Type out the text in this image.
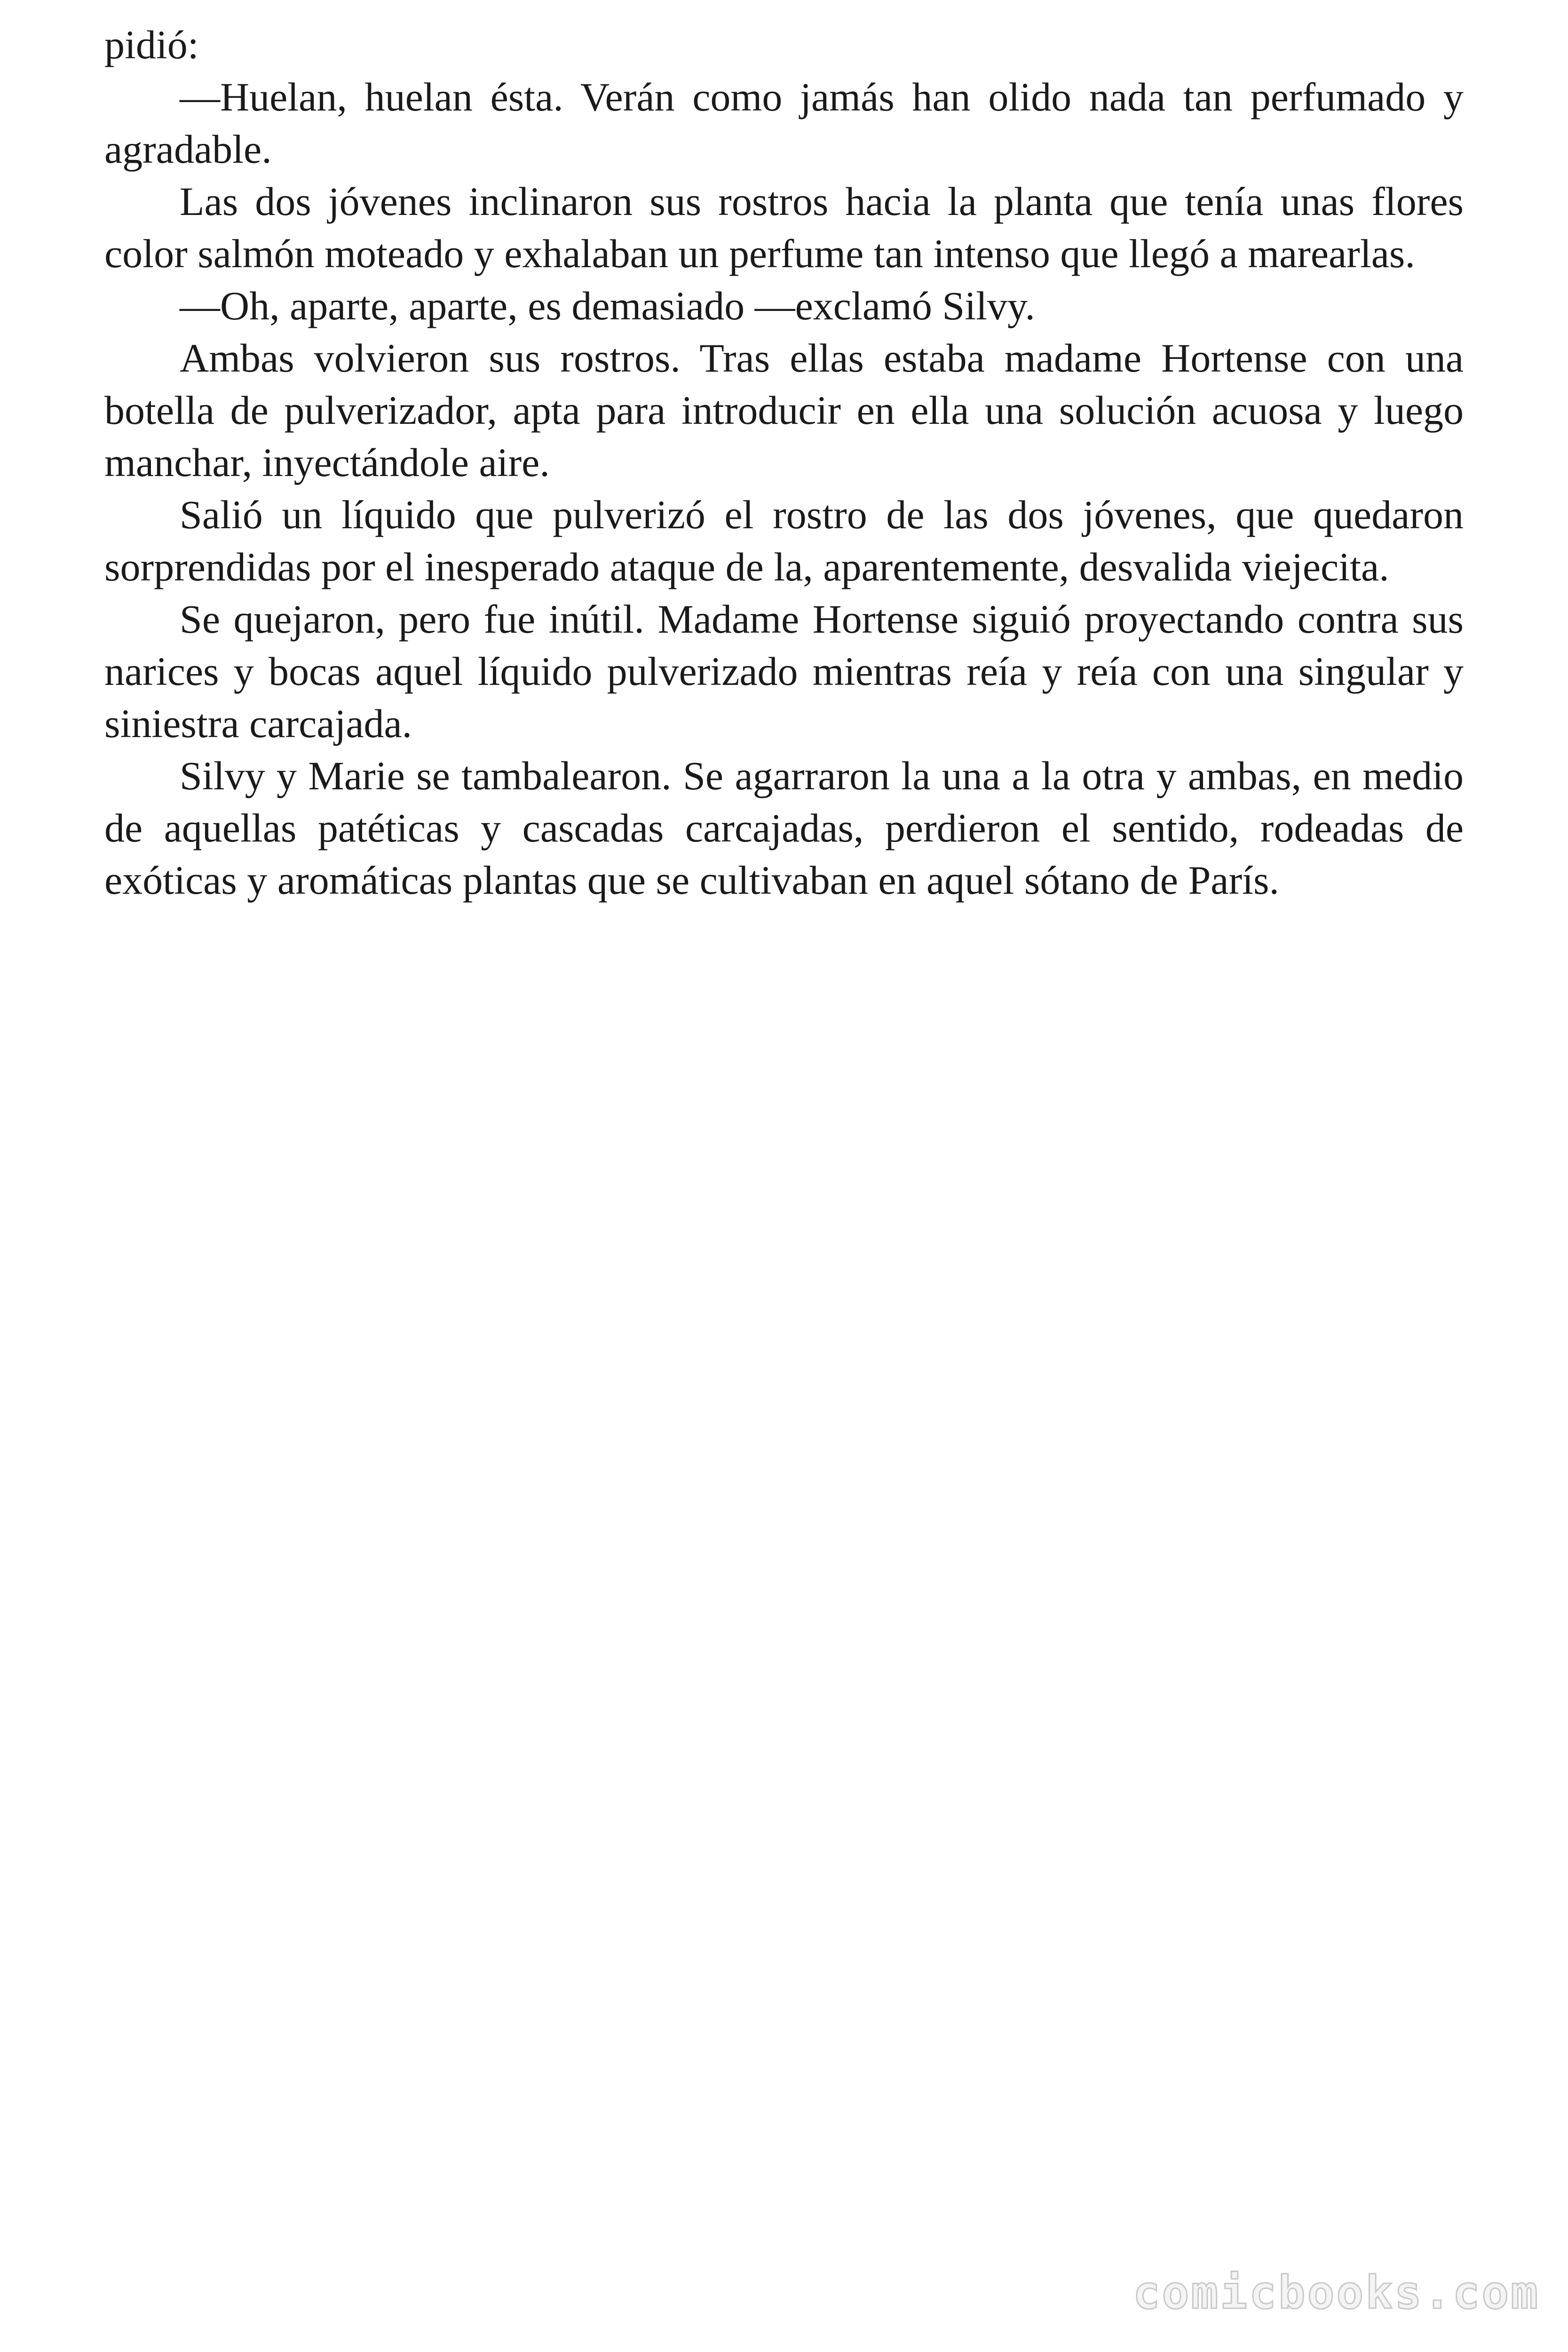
pidió:

—Huelan, huelan ésta. Verán como jamás han olido nada tan perfumado y agradable.

Las dos jóvenes inclinaron sus rostros hacia la planta que tenía unas flores color salmón moteado y exhalaban un perfume tan intenso que llegó a marearlas.

—Oh, aparte, aparte, es demasiado —exclamó Silvy.

Ambas volvieron sus rostros. Tras ellas estaba madame Hortense con una botella de pulverizador, apta para introducir en ella una solución acuosa y luego manchar, inyectándole aire.

Salió un líquido que pulverizó el rostro de las dos jóvenes, que quedaron sorprendidas por el inesperado ataque de la, aparentemente, desvalida viejecita.

Se quejaron, pero fue inútil. Madame Hortense siguió proyectando contra sus narices y bocas aquel líquido pulverizado mientras reía y reía con una singular y siniestra carcajada.

Silvy y Marie se tambalearon. Se agarraron la una a la otra y ambas, en medio de aquellas patéticas y cascadas carcajadas, perdieron el sentido, rodeadas de exóticas y aromáticas plantas que se cultivaban en aquel sótano de París.

comicbooks.com
